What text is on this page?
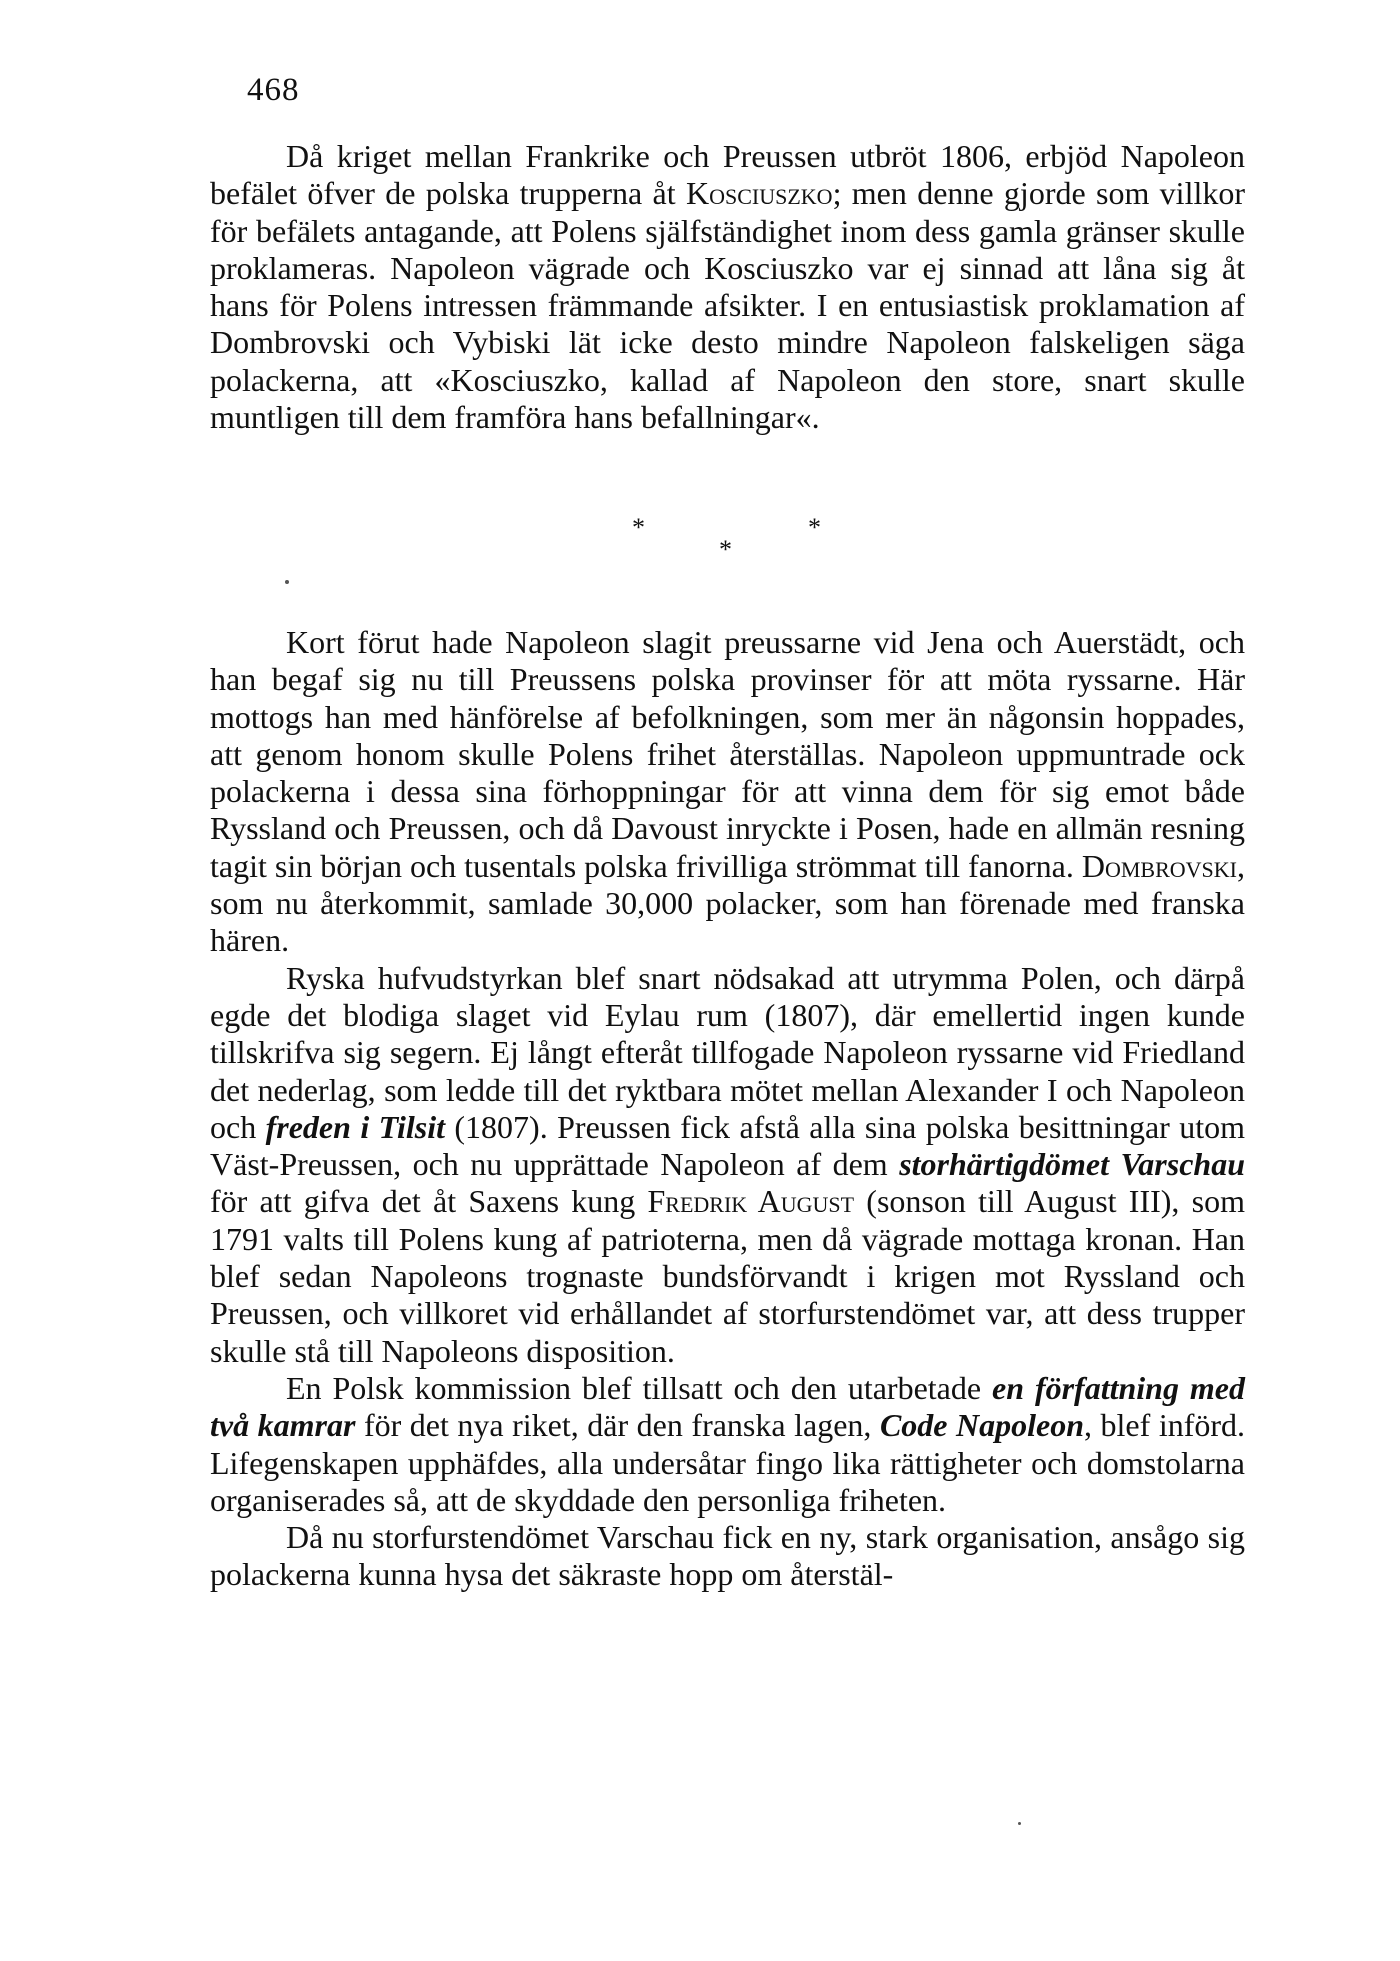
468

Då kriget mellan Frankrike och Preussen utbröt 1806, erbjöd Napoleon befälet öfver de polska trupperna åt Kosciuszko; men denne gjorde som villkor för befälets antagande, att Polens själfständighet inom dess gamla gränser skulle proklameras. Napoleon vägrade och Kosciuszko var ej sinnad att låna sig åt hans för Polens intressen främmande afsikter. I en entusiastisk proklamation af Dombrovski och Vybiski lät icke desto mindre Napoleon falskeligen säga polackerna, att «Kosciuszko, kallad af Napoleon den store, snart skulle muntligen till dem framföra hans befallningar«.

*
*
*

Kort förut hade Napoleon slagit preussarne vid Jena och Auerstädt, och han begaf sig nu till Preussens polska provinser för att möta ryssarne. Här mottogs han med hänförelse af befolkningen, som mer än någonsin hoppades, att genom honom skulle Polens frihet återställas. Napoleon uppmuntrade ock polackerna i dessa sina förhoppningar för att vinna dem för sig emot både Ryssland och Preussen, och då Davoust inryckte i Posen, hade en allmän resning tagit sin början och tusentals polska frivilliga strömmat till fanorna. Dombrovski, som nu återkommit, samlade 30,000 polacker, som han förenade med franska hären.

Ryska hufvudstyrkan blef snart nödsakad att utrymma Polen, och därpå egde det blodiga slaget vid Eylau rum (1807), där emellertid ingen kunde tillskrifva sig segern. Ej långt efteråt tillfogade Napoleon ryssarne vid Friedland det nederlag, som ledde till det ryktbara mötet mellan Alexander I och Napoleon och freden i Tilsit (1807). Preussen fick afstå alla sina polska besittningar utom Väst-Preussen, och nu upprättade Napoleon af dem storhärtigdömet Varschau för att gifva det åt Saxens kung Fredrik August (sonson till August III), som 1791 valts till Polens kung af patrioterna, men då vägrade mottaga kronan. Han blef sedan Napoleons trognaste bundsförvandt i krigen mot Ryssland och Preussen, och villkoret vid erhållandet af storfurstendömet var, att dess trupper skulle stå till Napoleons disposition.

En Polsk kommission blef tillsatt och den utarbetade en författning med två kamrar för det nya riket, där den franska lagen, Code Napoleon, blef införd. Lifegenskapen upphäfdes, alla undersåtar fingo lika rättigheter och domstolarna organiserades så, att de skyddade den personliga friheten.

Då nu storfurstendömet Varschau fick en ny, stark organisation, ansågo sig polackerna kunna hysa det säkraste hopp om återstäl-
